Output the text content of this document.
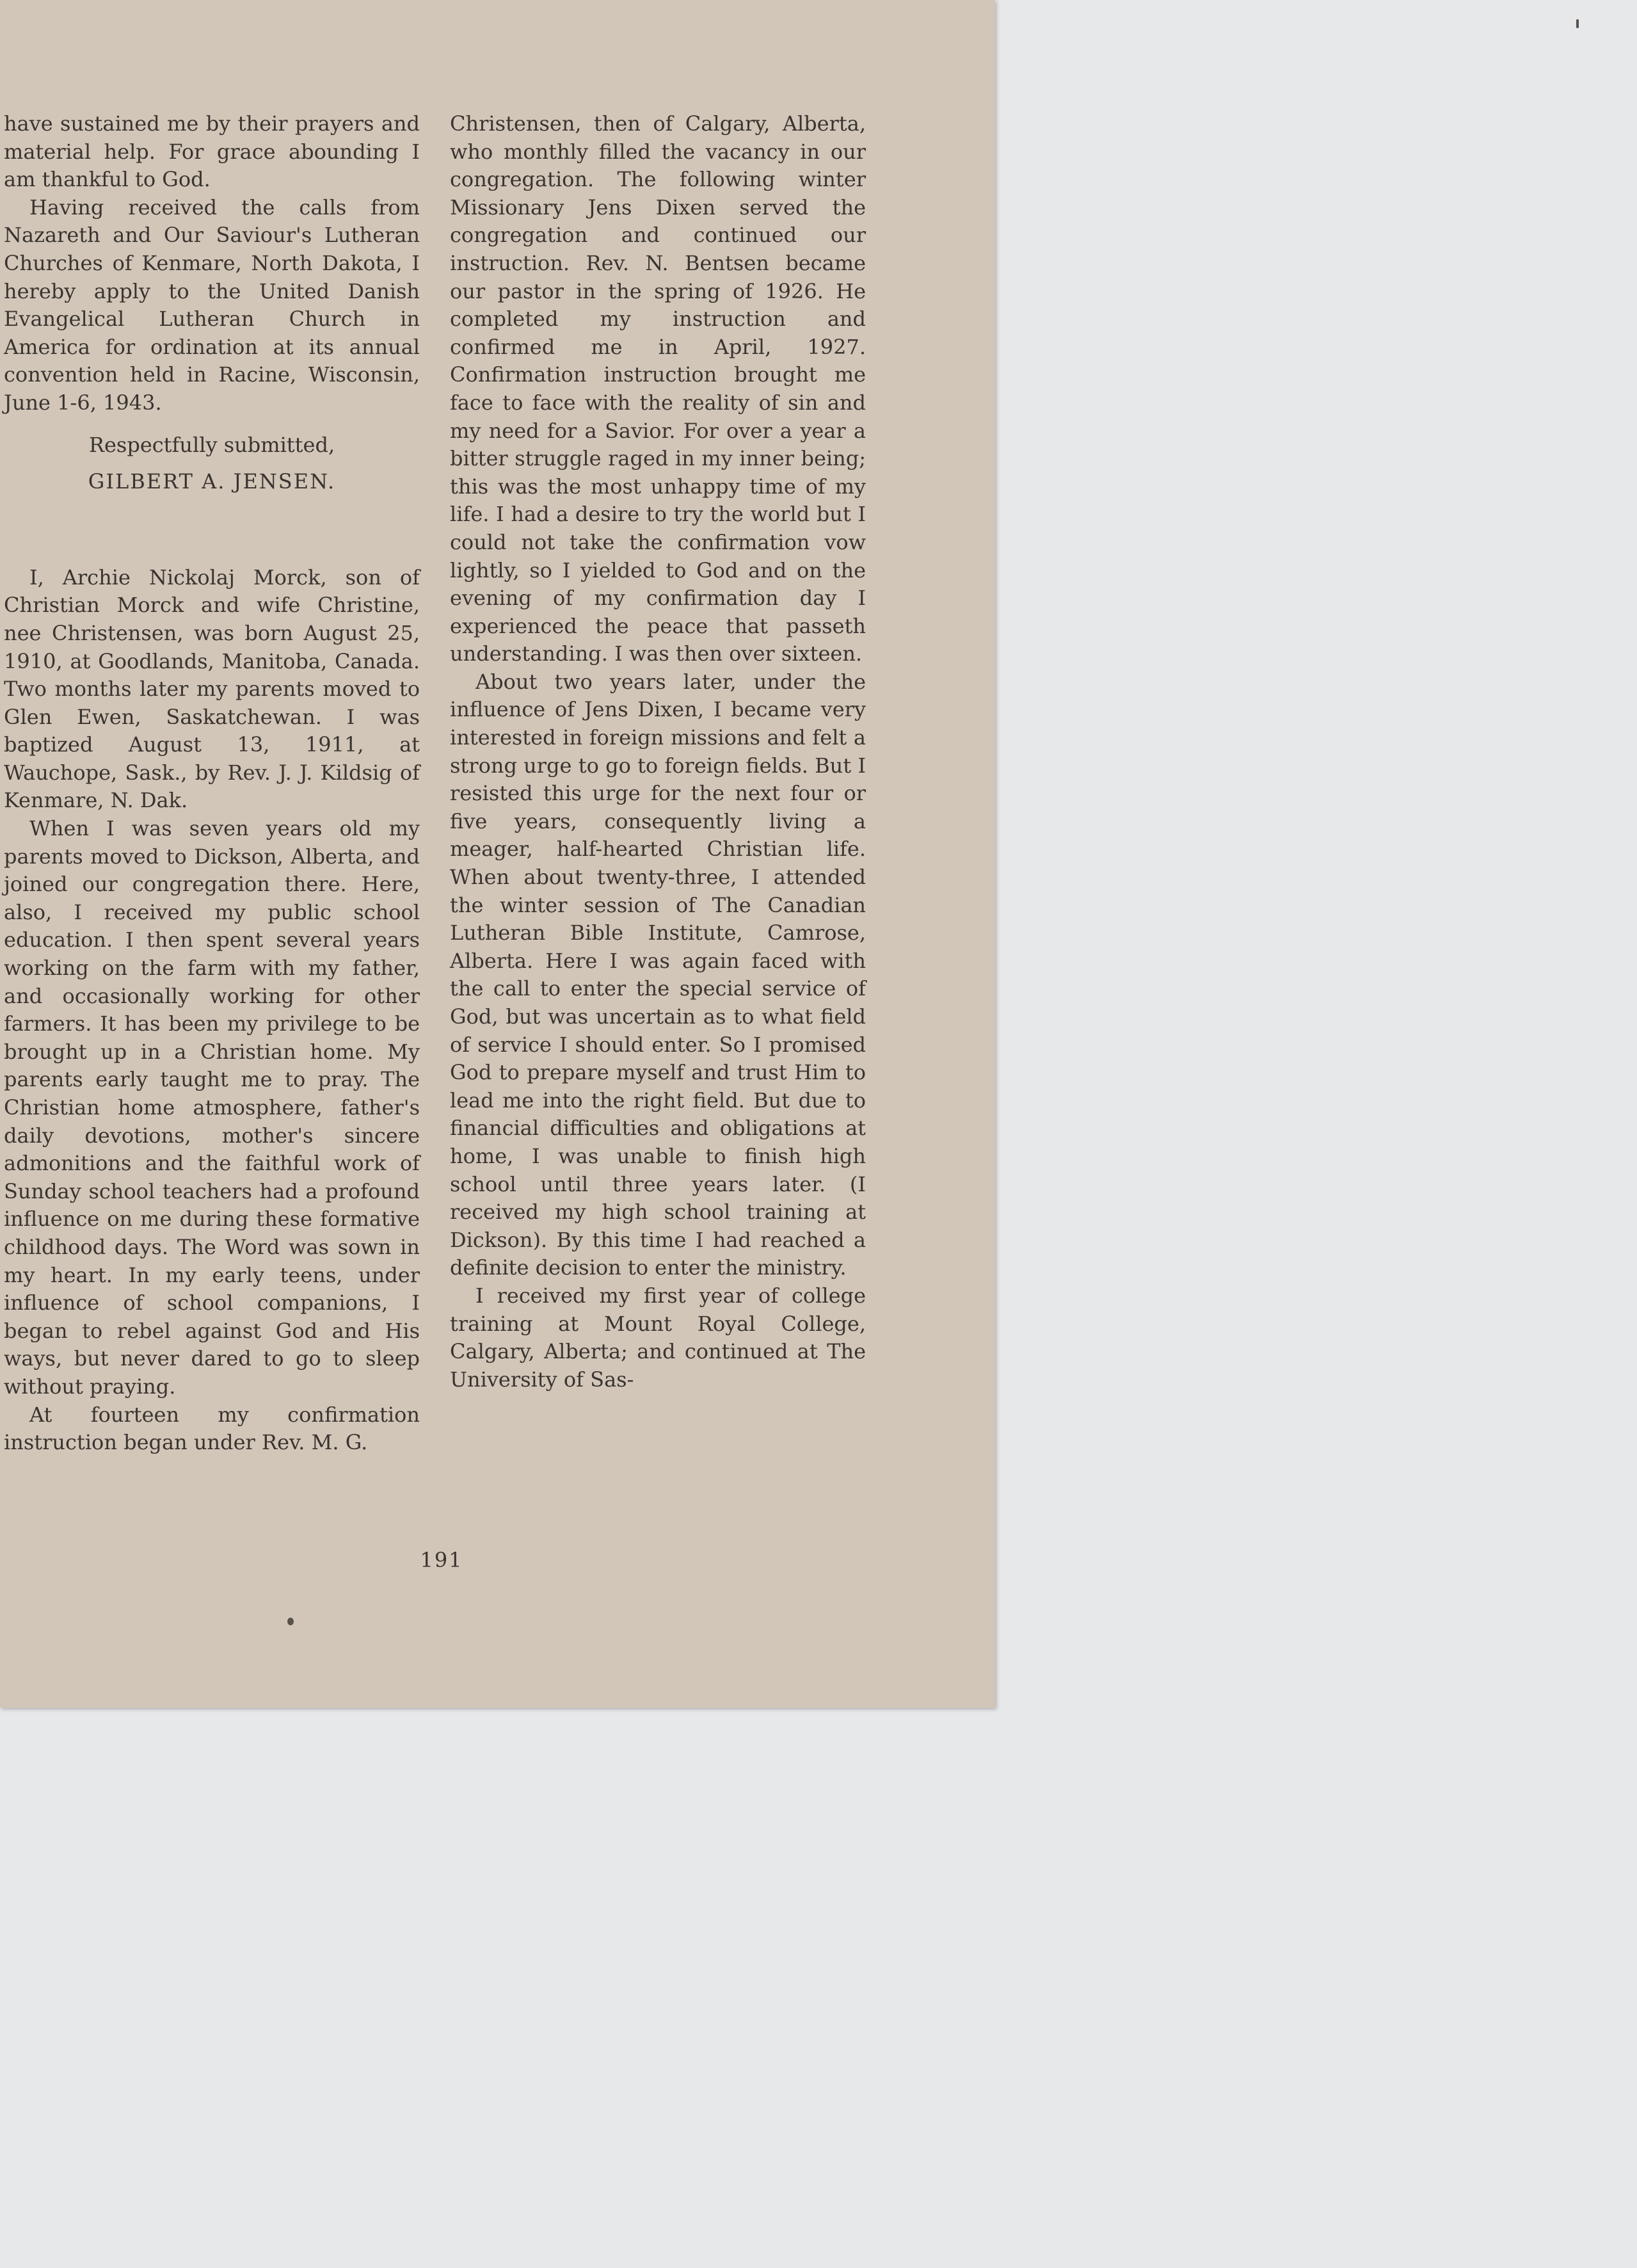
have sustained me by their prayers and material help. For grace abounding I am thankful to God.

Having received the calls from Nazareth and Our Saviour's Lutheran Churches of Kenmare, North Dakota, I hereby apply to the United Danish Evangelical Lutheran Church in America for ordination at its annual convention held in Racine, Wisconsin, June 1-6, 1943.

Respectfully submitted,

GILBERT A. JENSEN.

I, Archie Nickolaj Morck, son of Christian Morck and wife Christine, nee Christensen, was born August 25, 1910, at Goodlands, Manitoba, Canada. Two months later my parents moved to Glen Ewen, Saskatchewan. I was baptized August 13, 1911, at Wauchope, Sask., by Rev. J. J. Kildsig of Kenmare, N. Dak.

When I was seven years old my parents moved to Dickson, Alberta, and joined our congregation there. Here, also, I received my public school education. I then spent several years working on the farm with my father, and occasionally working for other farmers. It has been my privilege to be brought up in a Christian home. My parents early taught me to pray. The Christian home atmosphere, father's daily devotions, mother's sincere admonitions and the faithful work of Sunday school teachers had a profound influence on me during these formative childhood days. The Word was sown in my heart. In my early teens, under influence of school companions, I began to rebel against God and His ways, but never dared to go to sleep without praying.

At fourteen my confirmation instruction began under Rev. M. G.

Christensen, then of Calgary, Alberta, who monthly filled the vacancy in our congregation. The following winter Missionary Jens Dixen served the congregation and continued our instruction. Rev. N. Bentsen became our pastor in the spring of 1926. He completed my instruction and confirmed me in April, 1927. Confirmation instruction brought me face to face with the reality of sin and my need for a Savior. For over a year a bitter struggle raged in my inner being; this was the most unhappy time of my life. I had a desire to try the world but I could not take the confirmation vow lightly, so I yielded to God and on the evening of my confirmation day I experienced the peace that passeth understanding. I was then over sixteen.

About two years later, under the influence of Jens Dixen, I became very interested in foreign missions and felt a strong urge to go to foreign fields. But I resisted this urge for the next four or five years, consequently living a meager, half-hearted Christian life. When about twenty-three, I attended the winter session of The Canadian Lutheran Bible Institute, Camrose, Alberta. Here I was again faced with the call to enter the special service of God, but was uncertain as to what field of service I should enter. So I promised God to prepare myself and trust Him to lead me into the right field. But due to financial difficulties and obligations at home, I was unable to finish high school until three years later. (I received my high school training at Dickson). By this time I had reached a definite decision to enter the ministry.

I received my first year of college training at Mount Royal College, Calgary, Alberta; and continued at The University of Sas-

191
